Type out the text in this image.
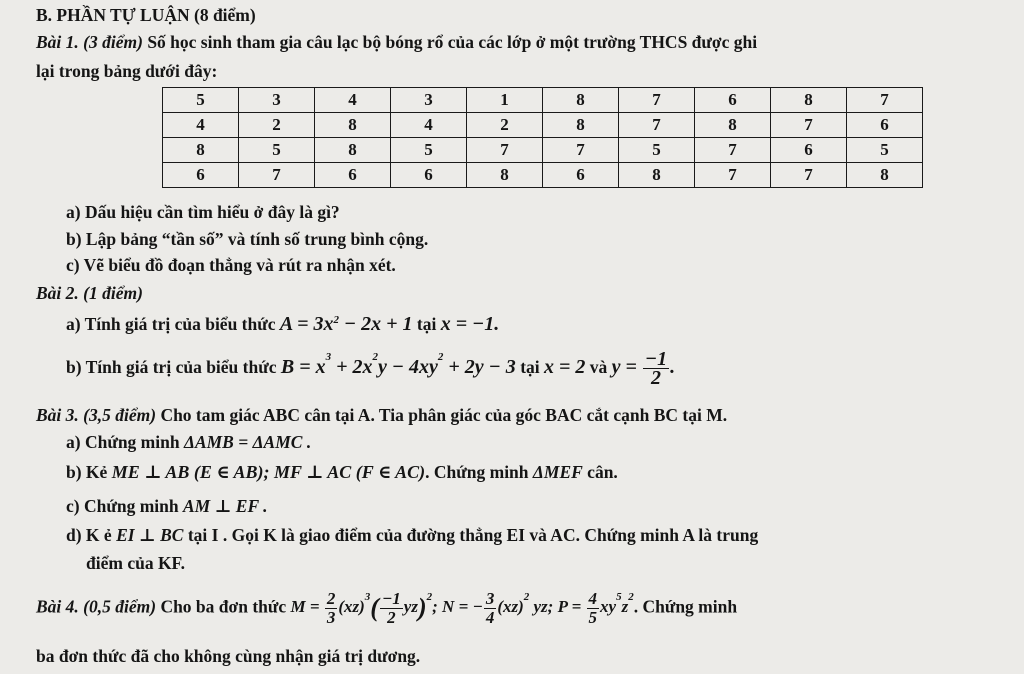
B. PHẦN TỰ LUẬN (8 điểm)
Bài 1. (3 điểm) Số học sinh tham gia câu lạc bộ bóng rổ của các lớp ở một trường THCS được ghi
lại trong bảng dưới đây:
5	3	4	3	1	8	7	6	8	7
4	2	8	4	2	8	7	8	7	6
8	5	8	5	7	7	5	7	6	5
6	7	6	6	8	6	8	7	7	8
a) Dấu hiệu cần tìm hiểu ở đây là gì?
b) Lập bảng “tần số” và tính số trung bình cộng.
c) Vẽ biểu đồ đoạn thẳng và rút ra nhận xét.
Bài 2. (1 điểm)
a) Tính giá trị của biểu thức $A = 3x^2 - 2x + 1$ tại x = −1.
b) Tính giá trị của biểu thức $B = x^3 + 2x^2y - 4xy^2 + 2y - 3$ tại x = 2 và $y = \frac{-1}{2}$ .
Bài 3. (3,5 điểm) Cho tam giác ABC cân tại A. Tia phân giác của góc BAC cắt cạnh BC tại M.
a) Chứng minh ΔAMB = ΔAMC .
b) Kẻ ME ⊥ AB (E ∈ AB); MF ⊥ AC (F ∈ AC). Chứng minh ΔMEF cân.
c) Chứng minh AM ⊥ EF .
d) K ẻ EI ⊥ BC tại I . Gọi K là giao điểm của đường thẳng EI và AC. Chứng minh A là trung
điểm của KF.
Bài 4. (0,5 điểm) Cho ba đơn thức $M = \frac{2}{3} (xz)^3( \frac{-1}{2} yz)^2$; N = − $\frac{3}{4} (xz)^2$ yz; $P = \frac{4}{5} xy^5z^2$. Chứng minh
ba đơn thức đã cho không cùng nhận giá trị dương.
